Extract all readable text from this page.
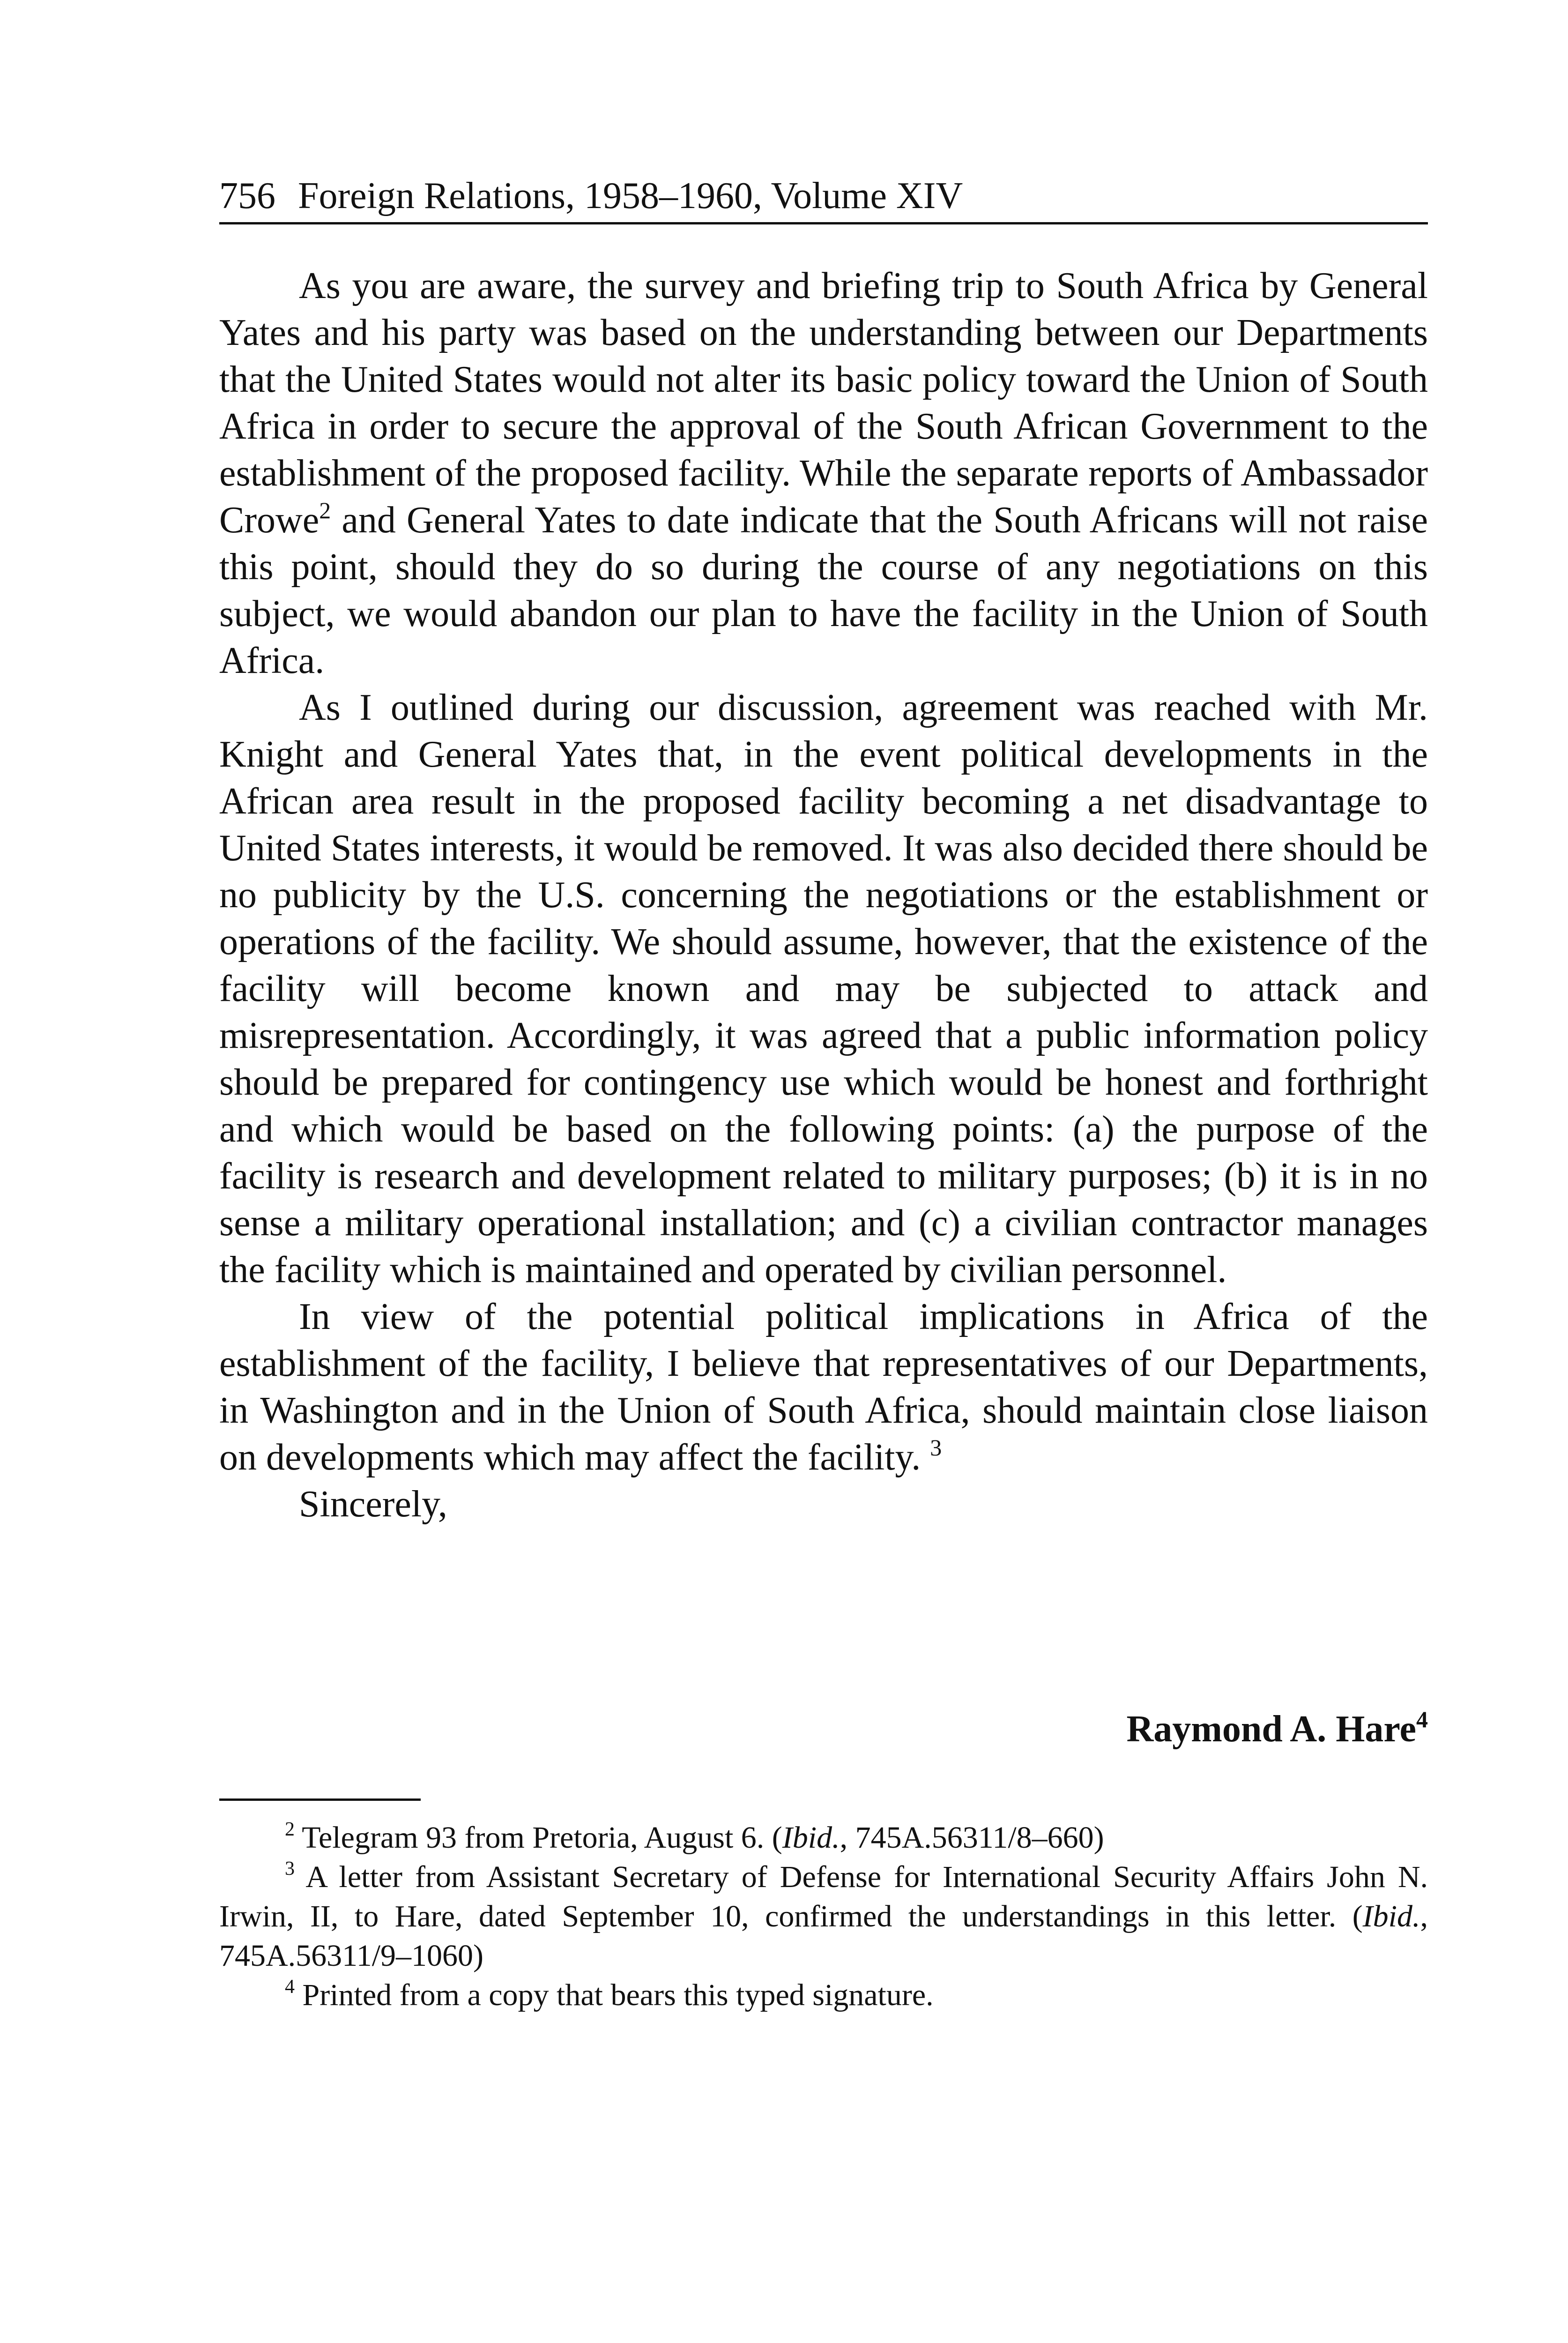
756 Foreign Relations, 1958–1960, Volume XIV

As you are aware, the survey and briefing trip to South Africa by General Yates and his party was based on the understanding between our Departments that the United States would not alter its basic policy toward the Union of South Africa in order to secure the approval of the South African Government to the establishment of the proposed facility. While the separate reports of Ambassador Crowe$^2$ and General Yates to date indicate that the South Africans will not raise this point, should they do so during the course of any negotiations on this subject, we would abandon our plan to have the facility in the Union of South Africa.

As I outlined during our discussion, agreement was reached with Mr. Knight and General Yates that, in the event political developments in the African area result in the proposed facility becoming a net disadvantage to United States interests, it would be removed. It was also decided there should be no publicity by the U.S. concerning the negotiations or the establishment or operations of the facility. We should assume, however, that the existence of the facility will become known and may be subjected to attack and misrepresentation. Accordingly, it was agreed that a public information policy should be prepared for contingency use which would be honest and forthright and which would be based on the following points: (a) the purpose of the facility is research and development related to military purposes; (b) it is in no sense a military operational installation; and (c) a civilian contractor manages the facility which is maintained and operated by civilian personnel.

In view of the potential political implications in Africa of the establishment of the facility, I believe that representatives of our Departments, in Washington and in the Union of South Africa, should maintain close liaison on developments which may affect the facility. $^3$

Sincerely,

Raymond A. Hare$^4$

$^2$ Telegram 93 from Pretoria, August 6. (Ibid., 745A.56311/8–660)

$^3$ A letter from Assistant Secretary of Defense for International Security Affairs John N. Irwin, II, to Hare, dated September 10, confirmed the understandings in this letter. (Ibid., 745A.56311/9–1060)

$^4$ Printed from a copy that bears this typed signature.
